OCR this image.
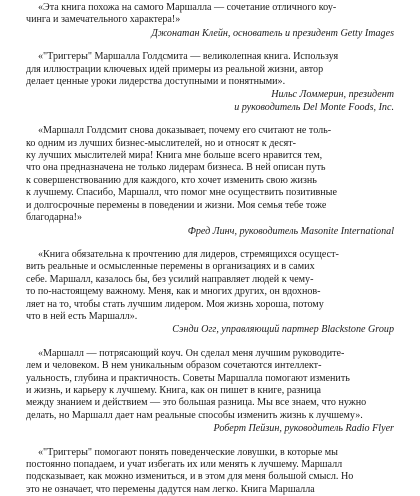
«Эта книга похожа на самого Маршалла — сочетание отличного коу-
чинга и замечательного характера!»

Джонатан Клейн, основатель и президент Getty Images

«"Триггеры" Маршалла Голдсмита — великолепная книга. Используя
для иллюстрации ключевых идей примеры из реальной жизни, автор
делает ценные уроки лидерства доступными и понятными».

Нильс Ломмерин, президент
и руководитель Del Monte Foods, Inc.

«Маршалл Голдсмит снова доказывает, почему его считают не толь-
ко одним из лучших бизнес-мыслителей, но и относят к десят-
ку лучших мыслителей мира! Книга мне больше всего нравится тем,
что она предназначена не только лидерам бизнеса. В ней описан путь
к совершенствованию для каждого, кто хочет изменить свою жизнь
к лучшему. Спасибо, Маршалл, что помог мне осуществить позитивные
и долгосрочные перемены в поведении и жизни. Моя семья тебе тоже
благодарна!»

Фред Линч, руководитель Masonite International

«Книга обязательна к прочтению для лидеров, стремящихся осущест-
вить реальные и осмысленные перемены в организациях и в самих
себе. Маршалл, казалось бы, без усилий направляет людей к чему-
то по-настоящему важному. Меня, как и многих других, он вдохнов-
ляет на то, чтобы стать лучшим лидером. Моя жизнь хороша, потому
что в ней есть Маршалл».

Сэнди Огг, управляющий партнер Blackstone Group

«Маршалл — потрясающий коуч. Он сделал меня лучшим руководите-
лем и человеком. В нем уникальным образом сочетаются интеллект-
уальность, глубина и практичность. Советы Маршалла помогают изменить
и жизнь, и карьеру к лучшему. Книга, как он пишет в книге, разница
между знанием и действием — это большая разница. Мы все знаем, что нужно
делать, но Маршалл дает нам реальные способы изменить жизнь к лучшему».

Роберт Пейзин, руководитель Radio Flyer

«"Триггеры" помогают понять поведенческие ловушки, в которые мы
постоянно попадаем, и учат избегать их или менять к лучшему. Маршалл
подсказывает, как можно измениться, и в этом для меня большой смысл. Но
это не означает, что перемены дадутся нам легко. Книга Маршалла
